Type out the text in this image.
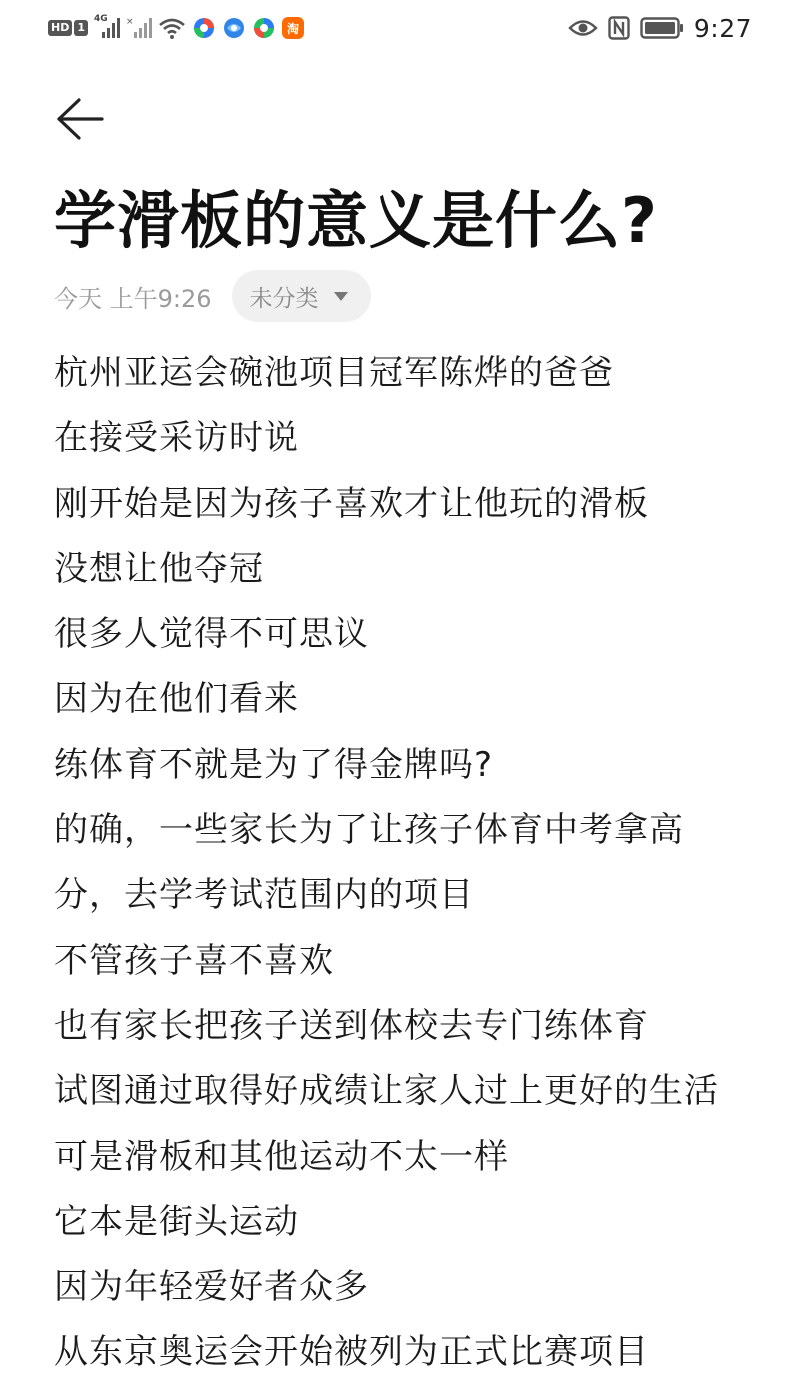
HD 1
4G ×	淘	9:27
学滑板的意义是什么?
今天 上午9:26 未分类
杭州亚运会碗池项目冠军陈烨的爸爸
在接受采访时说
刚开始是因为孩子喜欢才让他玩的滑板
没想让他夺冠
很多人觉得不可思议
因为在他们看来
练体育不就是为了得金牌吗?
的确，一些家长为了让孩子体育中考拿高
分，去学考试范围内的项目
不管孩子喜不喜欢
也有家长把孩子送到体校去专门练体育
试图通过取得好成绩让家人过上更好的生活
可是滑板和其他运动不太一样
它本是街头运动
因为年轻爱好者众多
从东京奥运会开始被列为正式比赛项目
